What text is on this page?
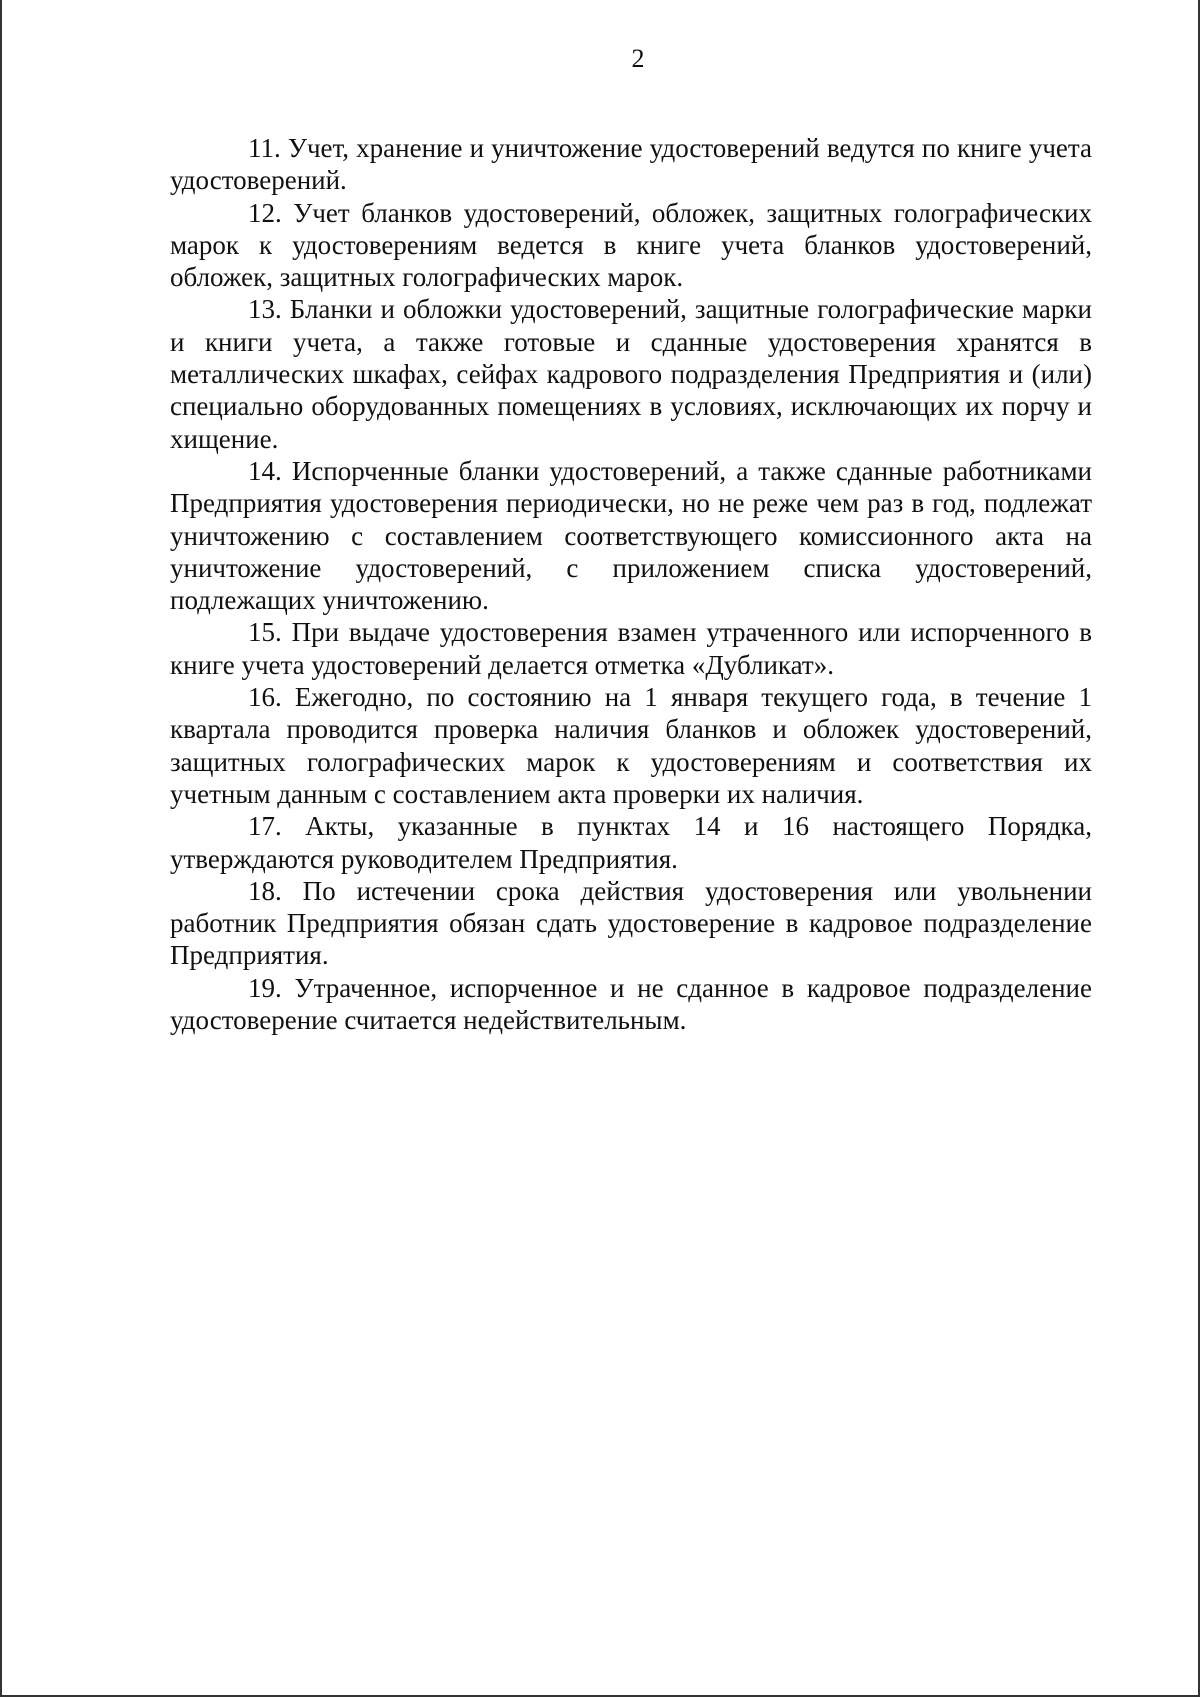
2

11. Учет, хранение и уничтожение удостоверений ведутся по книге учета удостоверений.

12. Учет бланков удостоверений, обложек, защитных голографических марок к удостоверениям ведется в книге учета бланков удостоверений, обложек, защитных голографических марок.

13. Бланки и обложки удостоверений, защитные голографические марки и книги учета, а также готовые и сданные удостоверения хранятся в металлических шкафах, сейфах кадрового подразделения Предприятия и (или) специально оборудованных помещениях в условиях, исключающих их порчу и хищение.

14. Испорченные бланки удостоверений, а также сданные работниками Предприятия удостоверения периодически, но не реже чем раз в год, подлежат уничтожению с составлением соответствующего комиссионного акта на уничтожение удостоверений, с приложением списка удостоверений, подлежащих уничтожению.

15. При выдаче удостоверения взамен утраченного или испорченного в книге учета удостоверений делается отметка «Дубликат».

16. Ежегодно, по состоянию на 1 января текущего года, в течение 1 квартала проводится проверка наличия бланков и обложек удостоверений, защитных голографических марок к удостоверениям и соответствия их учетным данным с составлением акта проверки их наличия.

17. Акты, указанные в пунктах 14 и 16 настоящего Порядка, утверждаются руководителем Предприятия.

18. По истечении срока действия удостоверения или увольнении работник Предприятия обязан сдать удостоверение в кадровое подразделение Предприятия.

19. Утраченное, испорченное и не сданное в кадровое подразделение удостоверение считается недействительным.
